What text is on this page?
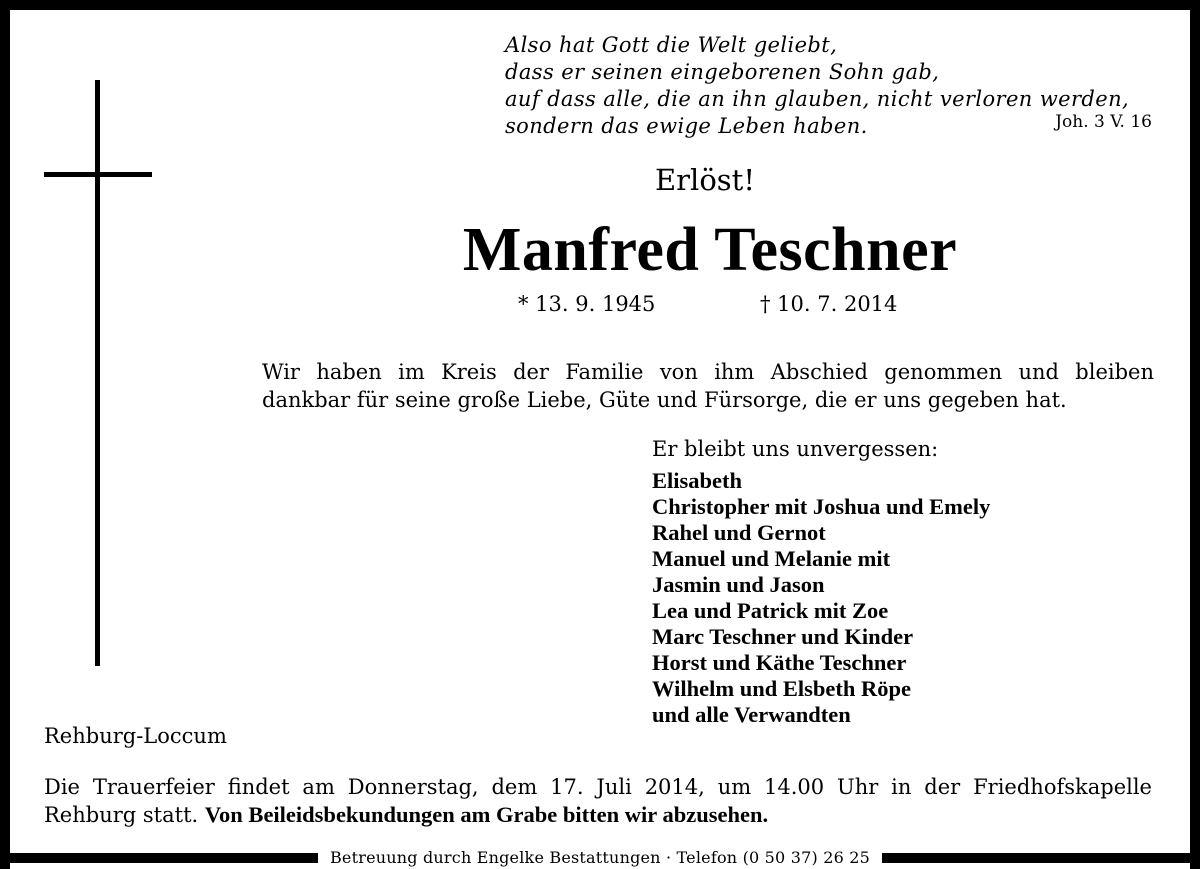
Also hat Gott die Welt geliebt,
dass er seinen eingeborenen Sohn gab,
auf dass alle, die an ihn glauben, nicht verloren werden,
sondern das ewige Leben haben.	Joh. 3 V. 16
Erlöst!
Manfred Teschner
* 13. 9. 1945	† 10. 7. 2014
Wir haben im Kreis der Familie von ihm Abschied genommen und bleiben
dankbar für seine große Liebe, Güte und Fürsorge, die er uns gegeben hat.
Er bleibt uns unvergessen:
Elisabeth
Christopher mit Joshua und Emely
Rahel und Gernot
Manuel und Melanie mit
Jasmin und Jason
Lea und Patrick mit Zoe
Marc Teschner und Kinder
Horst und Käthe Teschner
Wilhelm und Elsbeth Röpe
und alle Verwandten
Rehburg-Loccum
Die Trauerfeier findet am Donnerstag, dem 17. Juli 2014, um 14.00 Uhr in der Friedhofskapelle
Rehburg statt. Von Beileidsbekundungen am Grabe bitten wir abzusehen.
Betreuung durch Engelke Bestattungen · Telefon (0 50 37) 26 25
